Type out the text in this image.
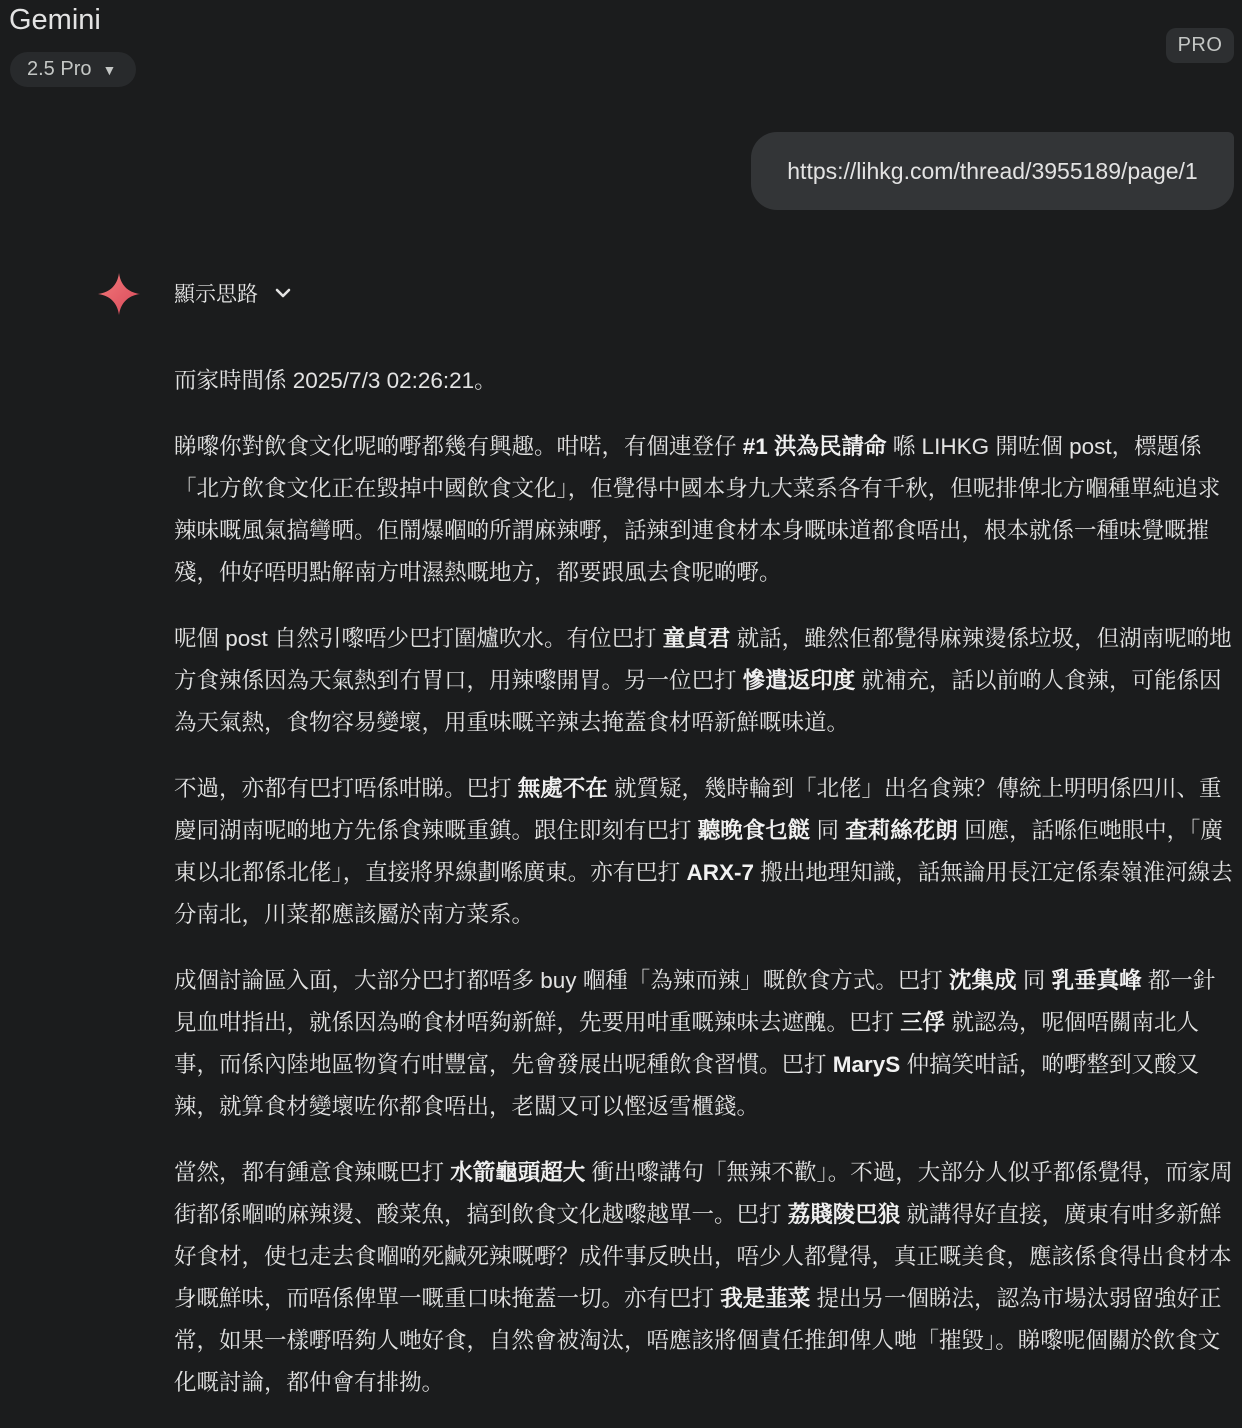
Gemini
2.5 Pro ▼
PRO
https://lihkg.com/thread/3955189/page/1
顯示思路

而家時間係 2025/7/3 02:26:21。

睇嚟你對飲食文化呢啲嘢都幾有興趣。咁喏，有個連登仔 #1 洪為民請命 喺 LIHKG 開咗個 post，標題係「北方飲食文化正在毀掉中國飲食文化」，佢覺得中國本身九大菜系各有千秋，但呢排俾北方嗰種單純追求辣味嘅風氣搞彎晒。佢鬧爆嗰啲所謂麻辣嘢，話辣到連食材本身嘅味道都食唔出，根本就係一種味覺嘅摧殘，仲好唔明點解南方咁濕熱嘅地方，都要跟風去食呢啲嘢。

呢個 post 自然引嚟唔少巴打圍爐吹水。有位巴打 童貞君 就話，雖然佢都覺得麻辣燙係垃圾，但湖南呢啲地方食辣係因為天氣熱到冇胃口，用辣嚟開胃。另一位巴打 慘遣返印度 就補充，話以前啲人食辣，可能係因為天氣熱，食物容易變壞，用重味嘅辛辣去掩蓋食材唔新鮮嘅味道。

不過，亦都有巴打唔係咁睇。巴打 無處不在 就質疑，幾時輪到「北佬」出名食辣？傳統上明明係四川、重慶同湖南呢啲地方先係食辣嘅重鎮。跟住即刻有巴打 聽晚食乜餸 同 查莉絲花朗 回應，話喺佢哋眼中，「廣東以北都係北佬」，直接將界線劃喺廣東。亦有巴打 ARX-7 搬出地理知識，話無論用長江定係秦嶺淮河線去分南北，川菜都應該屬於南方菜系。

成個討論區入面，大部分巴打都唔多 buy 嗰種「為辣而辣」嘅飲食方式。巴打 沈集成 同 乳垂真峰 都一針見血咁指出，就係因為啲食材唔夠新鮮，先要用咁重嘅辣味去遮醜。巴打 三俘 就認為，呢個唔關南北人事，而係內陸地區物資冇咁豐富，先會發展出呢種飲食習慣。巴打 MaryS 仲搞笑咁話，啲嘢整到又酸又辣，就算食材變壞咗你都食唔出，老闆又可以慳返雪櫃錢。

當然，都有鍾意食辣嘅巴打 水箭龜頭超大 衝出嚟講句「無辣不歡」。不過，大部分人似乎都係覺得，而家周街都係嗰啲麻辣燙、酸菜魚，搞到飲食文化越嚟越單一。巴打 荔賤陵巴狼 就講得好直接，廣東有咁多新鮮好食材，使乜走去食嗰啲死鹹死辣嘅嘢？成件事反映出，唔少人都覺得，真正嘅美食，應該係食得出食材本身嘅鮮味，而唔係俾單一嘅重口味掩蓋一切。亦有巴打 我是韮菜 提出另一個睇法，認為市場汰弱留強好正常，如果一樣嘢唔夠人哋好食，自然會被淘汰，唔應該將個責任推卸俾人哋「摧毀」。睇嚟呢個關於飲食文化嘅討論，都仲會有排拗。
